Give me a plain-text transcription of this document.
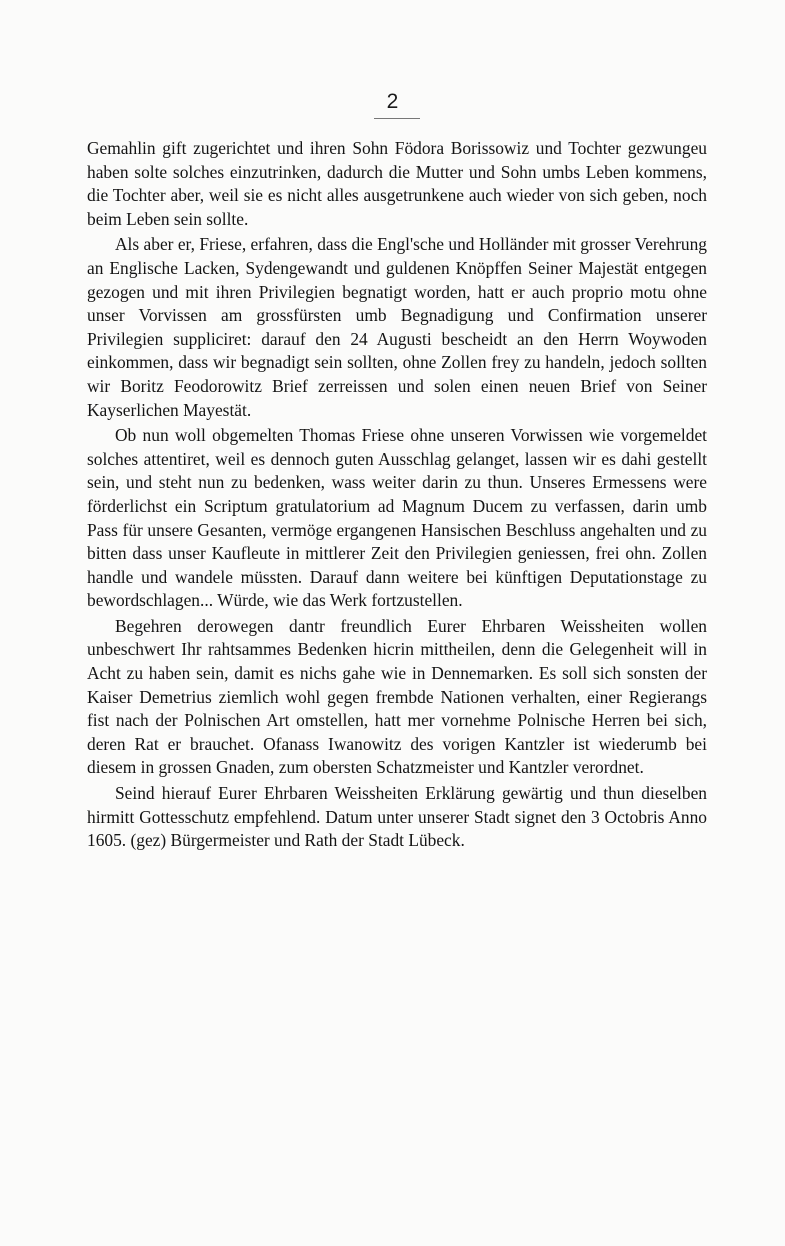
2

Gemahlin gift zugerichtet und ihren Sohn Födora Borissowiz und Tochter gezwungeu haben solte solches einzutrinken, dadurch die Mutter und Sohn umbs Leben kommens, die Tochter aber, weil sie es nicht alles ausgetrunkene auch wieder von sich geben, noch beim Leben sein sollte.

Als aber er, Friese, erfahren, dass die Engl'sche und Holländer mit grosser Verehrung an Englische Lacken, Sydengewandt und guldenen Knöpffen Seiner Majestät entgegen gezogen und mit ihren Privilegien begnatigt worden, hatt er auch proprio motu ohne unser Vorvissen am grossfürsten umb Begnadigung und Confirmation unserer Privilegien suppliciret: darauf den 24 Augusti bescheidt an den Herrn Woywoden einkommen, dass wir begnadigt sein sollten, ohne Zollen frey zu handeln, jedoch sollten wir Boritz Feodorowitz Brief zerreissen und solen einen neuen Brief von Seiner Kayserlichen Mayestät.

Ob nun woll obgemelten Thomas Friese ohne unseren Vorwissen wie vorgemeldet solches attentiret, weil es dennoch guten Ausschlag gelanget, lassen wir es dahi gestellt sein, und steht nun zu bedenken, wass weiter darin zu thun. Unseres Ermessens were förderlichst ein Scriptum gratulatorium ad Magnum Ducem zu verfassen, darin umb Pass für unsere Gesanten, vermöge ergangenen Hansischen Beschluss angehalten und zu bitten dass unser Kaufleute in mittlerer Zeit den Privilegien geniessen, frei ohn. Zollen handle und wandele müssten. Darauf dann weitere bei künftigen Deputationstage zu bewordschlagen... Würde, wie das Werk fortzustellen.

Begehren derowegen dantr freundlich Eurer Ehrbaren Weissheiten wollen unbeschwert Ihr rahtsammes Bedenken hicrin mittheilen, denn die Gelegenheit will in Acht zu haben sein, damit es nichs gahe wie in Dennemarken. Es soll sich sonsten der Kaiser Demetrius ziemlich wohl gegen frembde Nationen verhalten, einer Regierangs fist nach der Polnischen Art omstellen, hatt mer vornehme Polnische Herren bei sich, deren Rat er brauchet. Ofanass Iwanowitz des vorigen Kantzler ist wiederumb bei diesem in grossen Gnaden, zum obersten Schatzmeister und Kantzler verordnet.

Seind hierauf Eurer Ehrbaren Weissheiten Erklärung gewärtig und thun dieselben hirmitt Gottesschutz empfehlend. Datum unter unserer Stadt signet den 3 Octobris Anno 1605. (gez) Bürgermeister und Rath der Stadt Lübeck.
